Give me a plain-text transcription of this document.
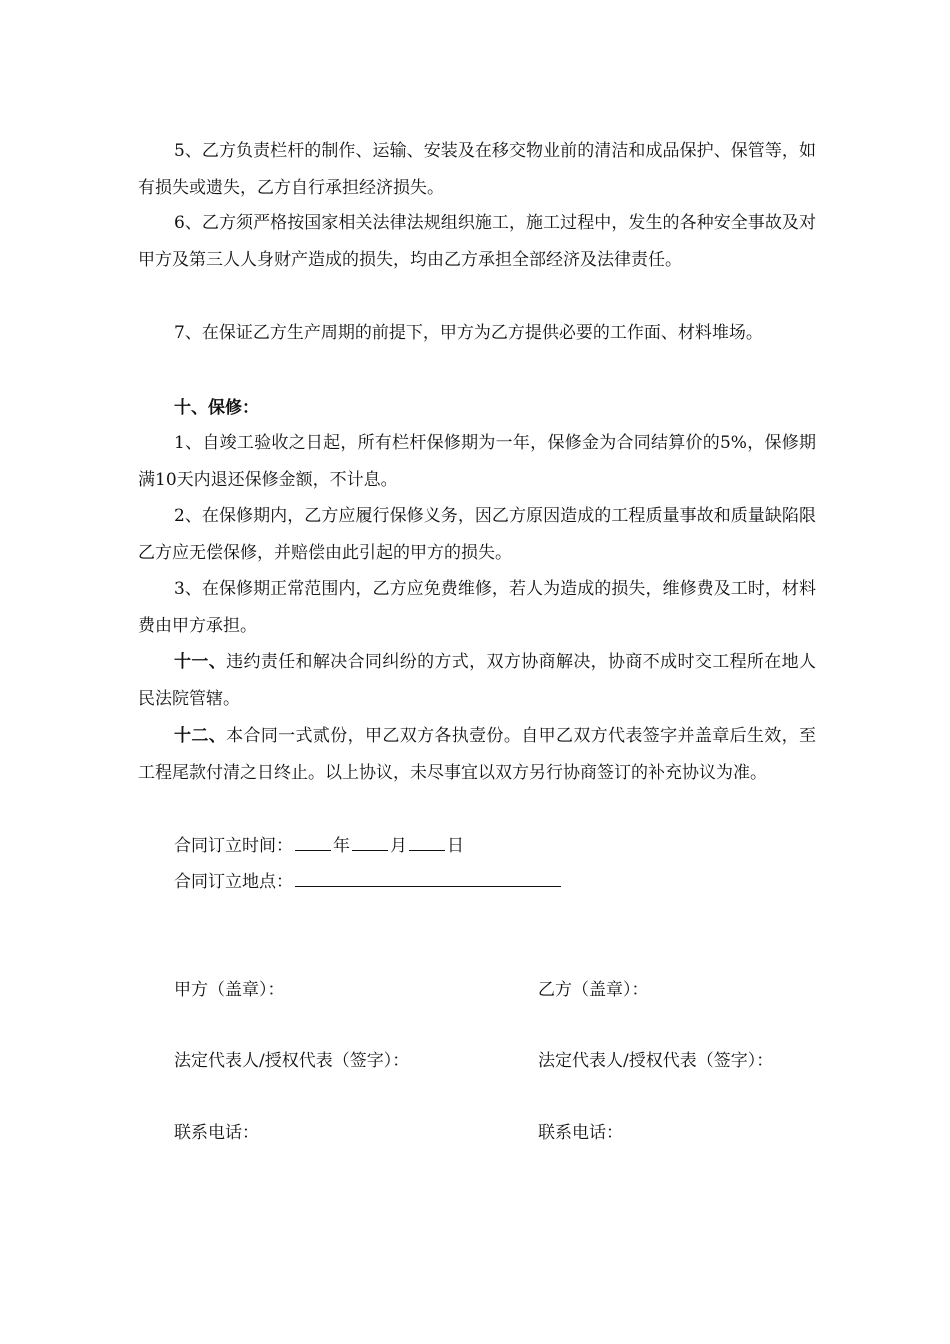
5、乙方负责栏杆的制作、运输、安装及在移交物业前的清洁和成品保护、保管等，如有损失或遗失，乙方自行承担经济损失。

6、乙方须严格按国家相关法律法规组织施工，施工过程中，发生的各种安全事故及对甲方及第三人人身财产造成的损失，均由乙方承担全部经济及法律责任。

7、在保证乙方生产周期的前提下，甲方为乙方提供必要的工作面、材料堆场。

十、保修：

1、自竣工验收之日起，所有栏杆保修期为一年，保修金为合同结算价的5%，保修期满10天内退还保修金额，不计息。

2、在保修期内，乙方应履行保修义务，因乙方原因造成的工程质量事故和质量缺陷限乙方应无偿保修，并赔偿由此引起的甲方的损失。

3、在保修期正常范围内，乙方应免费维修，若人为造成的损失，维修费及工时，材料费由甲方承担。

十一、违约责任和解决合同纠纷的方式，双方协商解决，协商不成时交工程所在地人民法院管辖。

十二、本合同一式贰份，甲乙双方各执壹份。自甲乙双方代表签字并盖章后生效，至工程尾款付清之日终止。以上协议，未尽事宜以双方另行协商签订的补充协议为准。

合同订立时间： 年 月 日

合同订立地点：

甲方（盖章）：	乙方（盖章）：

法定代表人/授权代表（签字）：	法定代表人/授权代表（签字）：

联系电话：	联系电话：
